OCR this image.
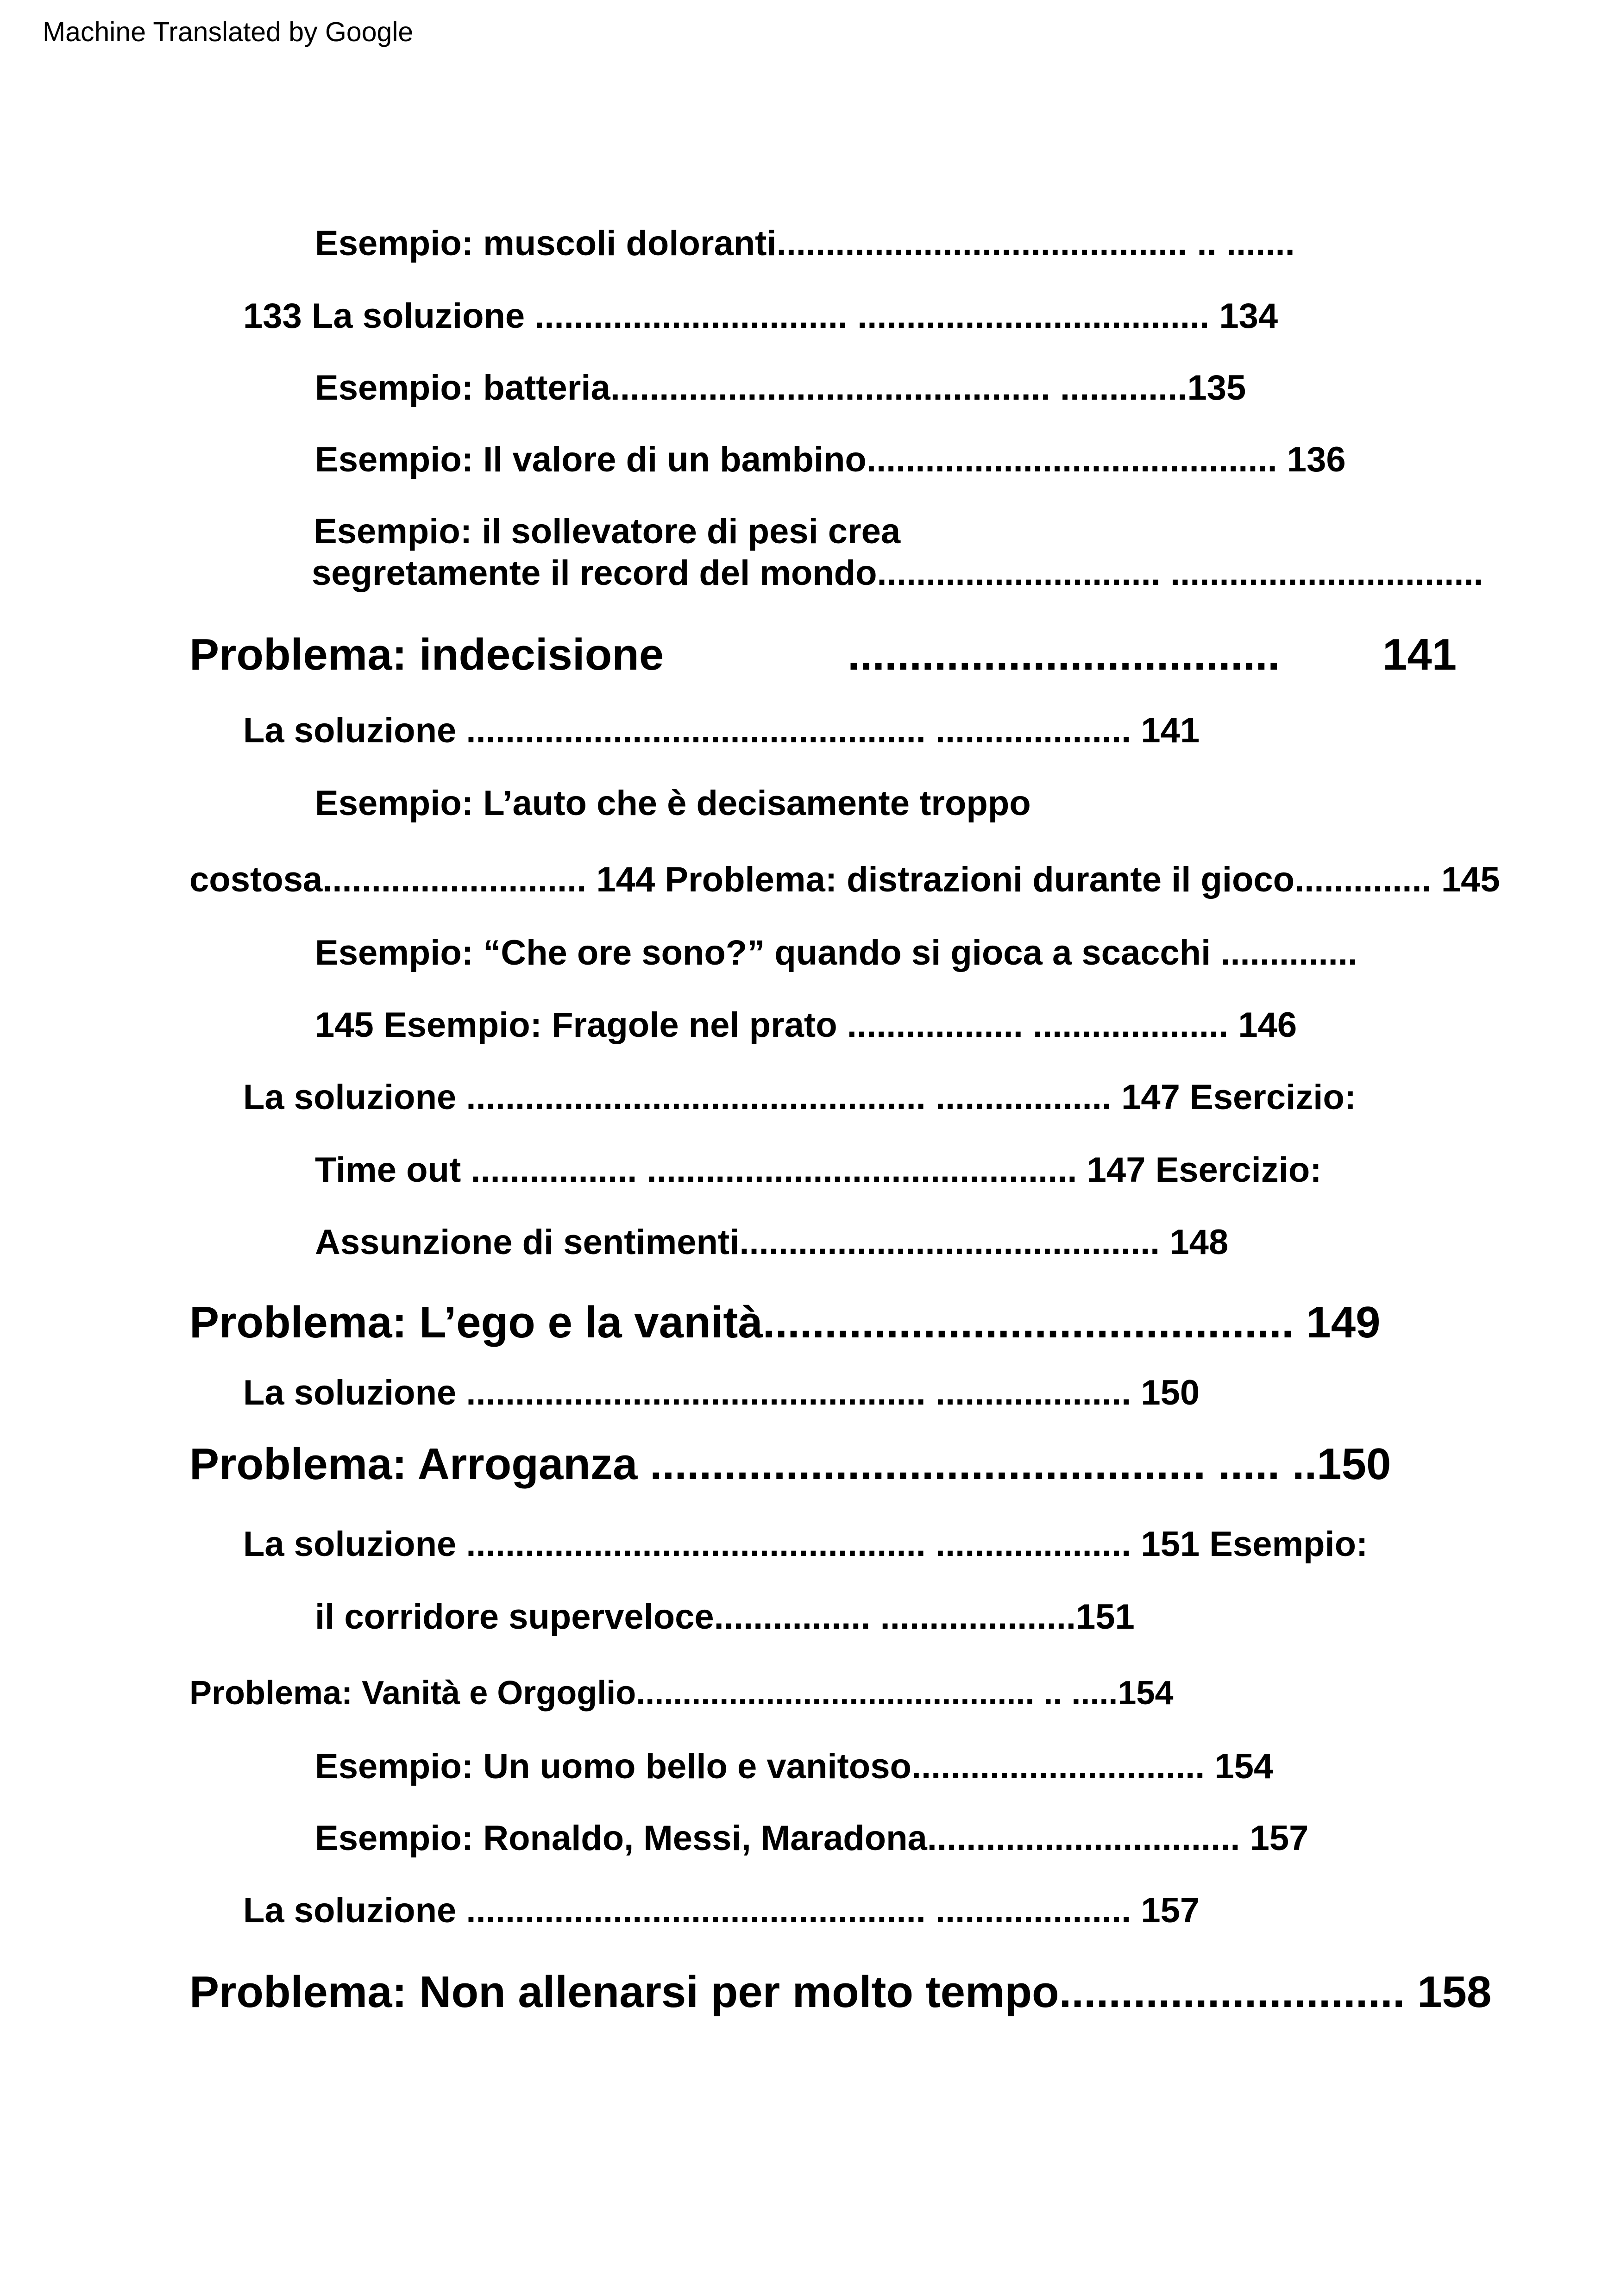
Machine Translated by Google
Esempio: muscoli doloranti.......................................... .. .......
133 La soluzione ................................ .................................... 134
Esempio: batteria............................................. .............135
Esempio: Il valore di un bambino.......................................... 136
Esempio: il sollevatore di pesi crea
segretamente il record del mondo............................. ................................
Problema: indecisione	................................... 141
La soluzione ............................................... .................... 141
Esempio: L’auto che è decisamente troppo
costosa........................... 144 Problema: distrazioni durante il gioco.............. 145
Esempio: “Che ore sono?” quando si gioca a scacchi ..............
145 Esempio: Fragole nel prato .................. .................... 146
La soluzione ............................................... .................. 147 Esercizio:
Time out ................. ............................................ 147 Esercizio:
Assunzione di sentimenti........................................... 148
Problema: L’ego e la vanità........................................... 149
La soluzione ............................................... .................... 150
Problema: Arroganza ............................................. ..... ..150
La soluzione ............................................... .................... 151 Esempio:
il corridore superveloce................ ....................151
Problema: Vanità e Orgoglio........................................... .. .....154
Esempio: Un uomo bello e vanitoso.............................. 154
Esempio: Ronaldo, Messi, Maradona................................ 157
La soluzione ............................................... .................... 157
Problema: Non allenarsi per molto tempo............................ 158
